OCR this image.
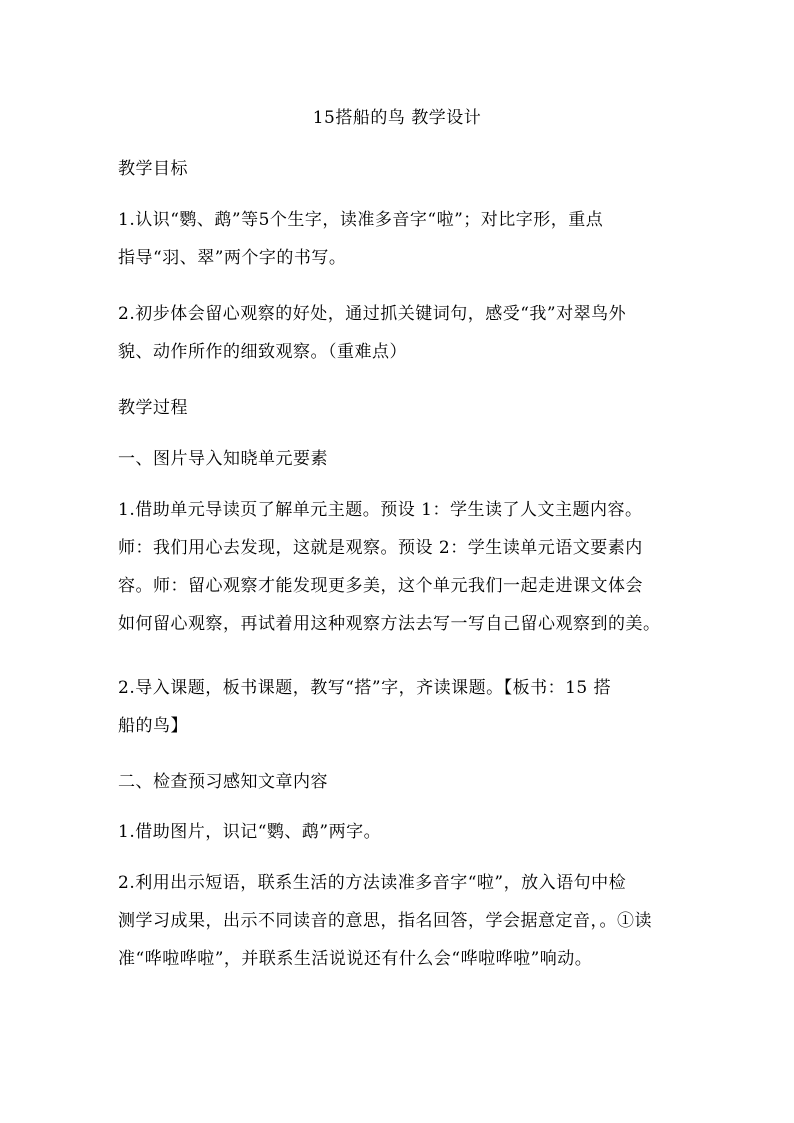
15搭船的鸟 教学设计
教学目标
1.认识“鹦、鹉”等5个生字，读准多音字“啦”；对比字形，重点
指导“羽、翠”两个字的书写。
2.初步体会留心观察的好处，通过抓关键词句，感受“我”对翠鸟外
貌、动作所作的细致观察。（重难点）
教学过程
一、图片导入知晓单元要素
1.借助单元导读页了解单元主题。预设 1：学生读了人文主题内容。
师：我们用心去发现，这就是观察。预设 2：学生读单元语文要素内
容。师：留心观察才能发现更多美，这个单元我们一起走进课文体会
如何留心观察，再试着用这种观察方法去写一写自己留心观察到的美。
2.导入课题，板书课题，教写“搭”字，齐读课题。【板书：15 搭
船的鸟】
二、检查预习感知文章内容
1.借助图片，识记“鹦、鹉”两字。
2.利用出示短语，联系生活的方法读准多音字“啦”，放入语句中检
测学习成果，出示不同读音的意思，指名回答，学会据意定音，。①读
准“哗啦哗啦”，并联系生活说说还有什么会“哗啦哗啦”响动。
